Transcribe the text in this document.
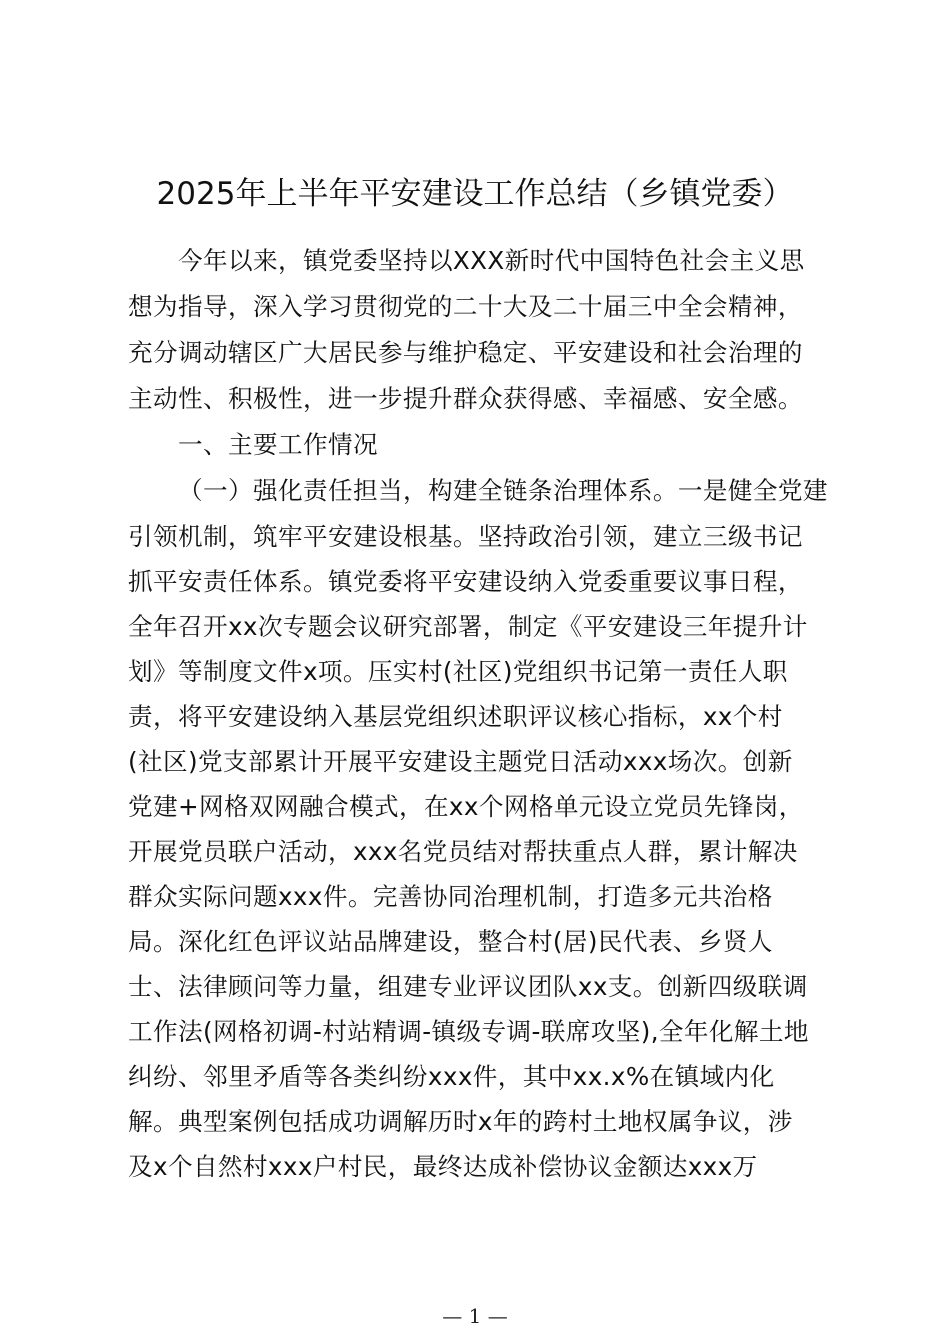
2025年上半年平安建设工作总结（乡镇党委）
今年以来，镇党委坚持以XXX新时代中国特色社会主义思
想为指导，深入学习贯彻党的二十大及二十届三中全会精神，
充分调动辖区广大居民参与维护稳定、平安建设和社会治理的
主动性、积极性，进一步提升群众获得感、幸福感、安全感。
一、主要工作情况
（一）强化责任担当，构建全链条治理体系。一是健全党建
引领机制，筑牢平安建设根基。坚持政治引领，建立三级书记
抓平安责任体系。镇党委将平安建设纳入党委重要议事日程，
全年召开xx次专题会议研究部署，制定《平安建设三年提升计
划》等制度文件x项。压实村(社区)党组织书记第一责任人职
责，将平安建设纳入基层党组织述职评议核心指标，xx个村
(社区)党支部累计开展平安建设主题党日活动xxx场次。创新
党建+网格双网融合模式，在xx个网格单元设立党员先锋岗，
开展党员联户活动，xxx名党员结对帮扶重点人群，累计解决
群众实际问题xxx件。完善协同治理机制，打造多元共治格
局。深化红色评议站品牌建设，整合村(居)民代表、乡贤人
士、法律顾问等力量，组建专业评议团队xx支。创新四级联调
工作法(网格初调-村站精调-镇级专调-联席攻坚),全年化解土地
纠纷、邻里矛盾等各类纠纷xxx件，其中xx.x%在镇域内化
解。典型案例包括成功调解历时x年的跨村土地权属争议，涉
及x个自然村xxx户村民，最终达成补偿协议金额达xxx万
— 1 —
